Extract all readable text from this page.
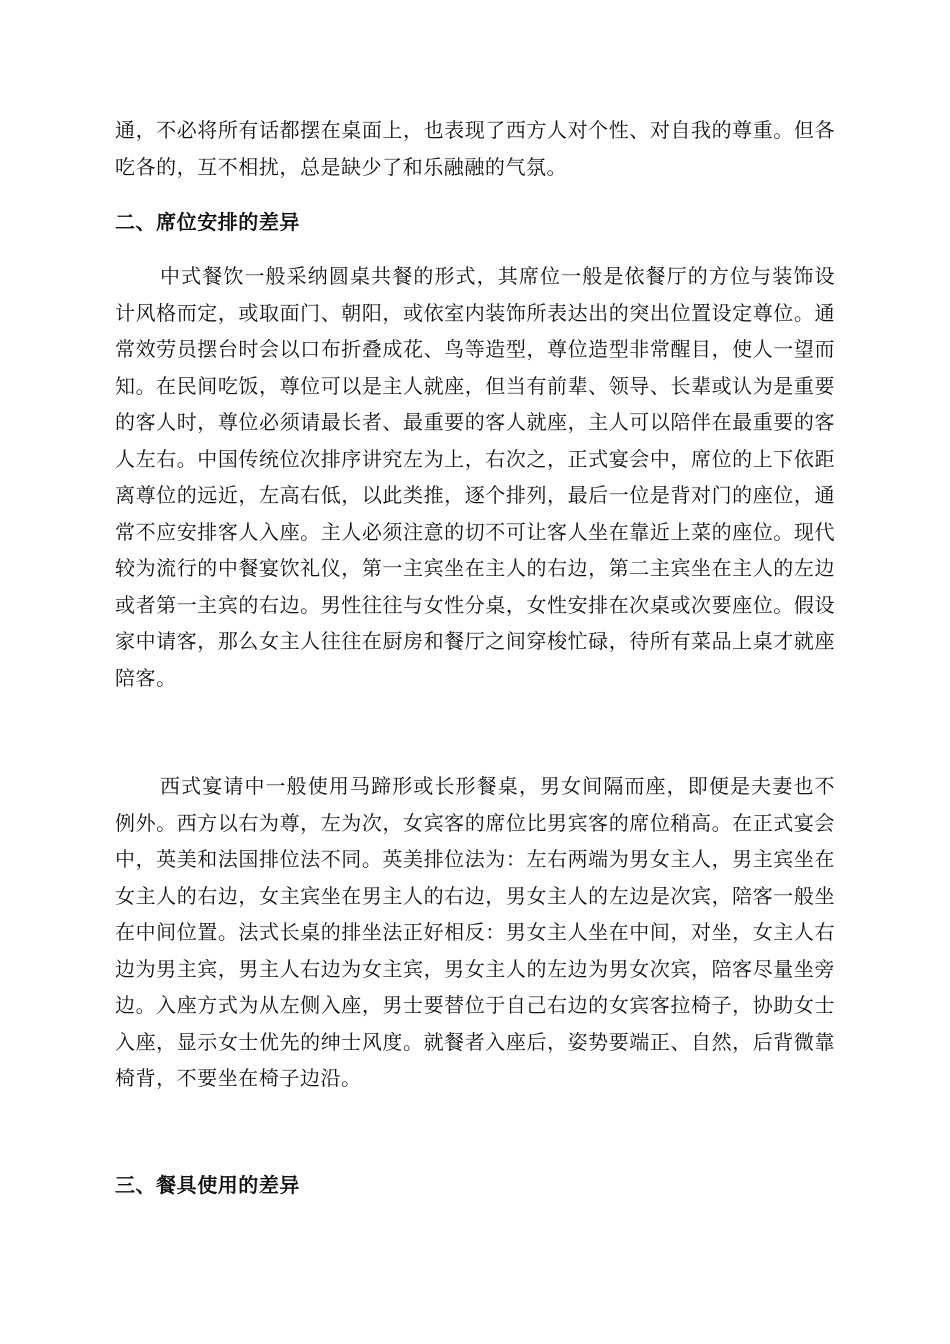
通，不必将所有话都摆在桌面上，也表现了西方人对个性、对自我的尊重。但各吃各的，互不相扰，总是缺少了和乐融融的气氛。

二、席位安排的差异

中式餐饮一般采纳圆桌共餐的形式，其席位一般是依餐厅的方位与装饰设计风格而定，或取面门、朝阳，或依室内装饰所表达出的突出位置设定尊位。通常效劳员摆台时会以口布折叠成花、鸟等造型，尊位造型非常醒目，使人一望而知。在民间吃饭，尊位可以是主人就座，但当有前辈、领导、长辈或认为是重要的客人时，尊位必须请最长者、最重要的客人就座，主人可以陪伴在最重要的客人左右。中国传统位次排序讲究左为上，右次之，正式宴会中，席位的上下依距离尊位的远近，左高右低，以此类推，逐个排列，最后一位是背对门的座位，通常不应安排客人入座。主人必须注意的切不可让客人坐在靠近上菜的座位。现代较为流行的中餐宴饮礼仪，第一主宾坐在主人的右边，第二主宾坐在主人的左边或者第一主宾的右边。男性往往与女性分桌，女性安排在次桌或次要座位。假设家中请客，那么女主人往往在厨房和餐厅之间穿梭忙碌，待所有菜品上桌才就座陪客。

西式宴请中一般使用马蹄形或长形餐桌，男女间隔而座，即便是夫妻也不例外。西方以右为尊，左为次，女宾客的席位比男宾客的席位稍高。在正式宴会中，英美和法国排位法不同。英美排位法为：左右两端为男女主人，男主宾坐在女主人的右边，女主宾坐在男主人的右边，男女主人的左边是次宾，陪客一般坐在中间位置。法式长桌的排坐法正好相反：男女主人坐在中间，对坐，女主人右边为男主宾，男主人右边为女主宾，男女主人的左边为男女次宾，陪客尽量坐旁边。入座方式为从左侧入座，男士要替位于自己右边的女宾客拉椅子，协助女士入座，显示女士优先的绅士风度。就餐者入座后，姿势要端正、自然，后背微靠椅背，不要坐在椅子边沿。

三、餐具使用的差异
